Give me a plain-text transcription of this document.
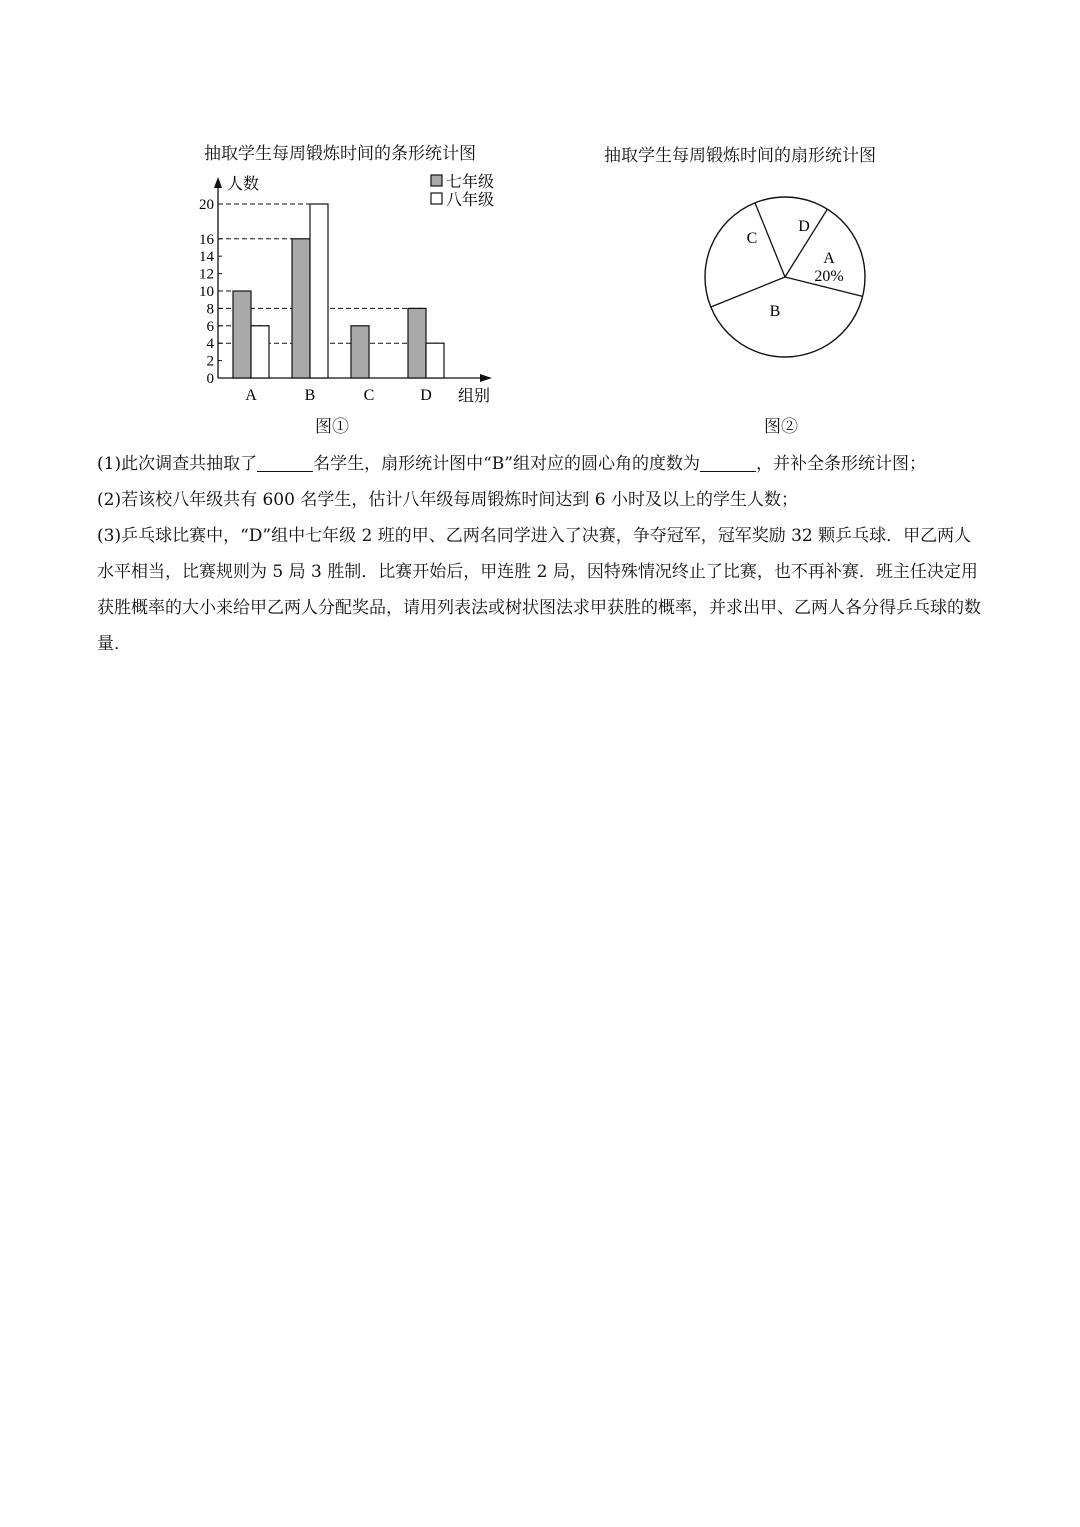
抽取学生每周锻炼时间的条形统计图	抽取学生每周锻炼时间的扇形统计图
0
2
4
6
8
10
12
14
16
20
人数
组别
A	B	C	D
七年级
八年级
A
20%
B
C
D
图①	图②

(1)此次调查共抽取了	名学生，扇形统计图中“B”组对应的圆心角的度数为	，并补全条形统计图；

(2)若该校八年级共有 600 名学生，估计八年级每周锻炼时间达到 6 小时及以上的学生人数；

(3)乒乓球比赛中，“D”组中七年级 2 班的甲、乙两名同学进入了决赛，争夺冠军，冠军奖励 32 颗乒乓球．甲乙两人水平相当，比赛规则为 5 局 3 胜制．比赛开始后，甲连胜 2 局，因特殊情况终止了比赛，也不再补赛．班主任决定用获胜概率的大小来给甲乙两人分配奖品，请用列表法或树状图法求甲获胜的概率，并求出甲、乙两人各分得乒乓球的数量．
